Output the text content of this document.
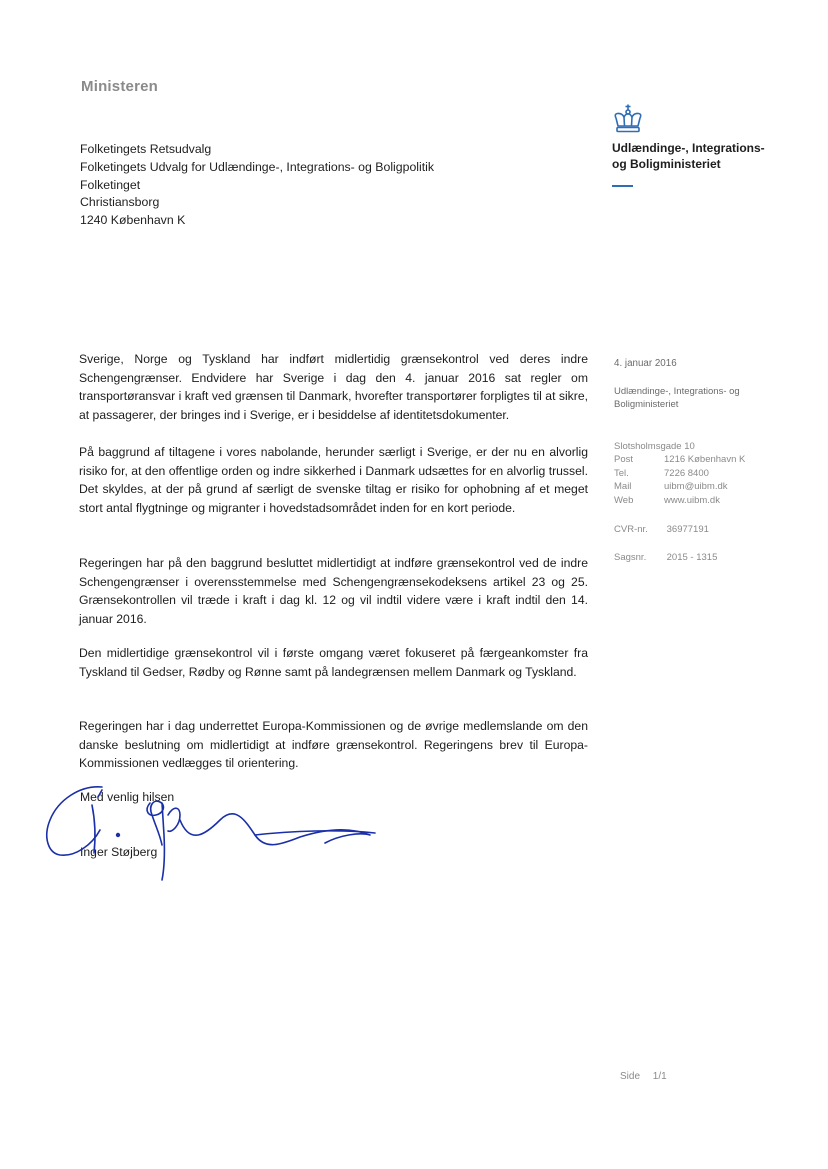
Ministeren
Folketingets Retsudvalg
Folketingets Udvalg for Udlændinge-, Integrations- og Boligpolitik
Folketinget
Christiansborg
1240 København K
Udlændinge-, Integrations-
og Boligministeriet
4. januar 2016
Udlændinge-, Integrations- og
Boligministeriet
Slotsholmsgade 10
Post	1216 København K
Tel.	7226 8400
Mail	uibm@uibm.dk
Web	www.uibm.dk
CVR-nr. 36977191
Sagsnr. 2015 - 1315

Sverige, Norge og Tyskland har indført midlertidig grænsekontrol ved deres indre Schengengrænser. Endvidere har Sverige i dag den 4. januar 2016 sat regler om transportøransvar i kraft ved grænsen til Danmark, hvorefter transportører forpligtes til at sikre, at passagerer, der bringes ind i Sverige, er i besiddelse af identitetsdokumenter.

På baggrund af tiltagene i vores nabolande, herunder særligt i Sverige, er der nu en alvorlig risiko for, at den offentlige orden og indre sikkerhed i Danmark udsættes for en alvorlig trussel. Det skyldes, at der på grund af særligt de svenske tiltag er risiko for ophobning af et meget stort antal flygtninge og migranter i hovedstadsområdet inden for en kort periode.

Regeringen har på den baggrund besluttet midlertidigt at indføre grænsekontrol ved de indre Schengengrænser i overensstemmelse med Schengengrænsekodeksens artikel 23 og 25. Grænsekontrollen vil træde i kraft i dag kl. 12 og vil indtil videre være i kraft indtil den 14. januar 2016.

Den midlertidige grænsekontrol vil i første omgang været fokuseret på færgeankomster fra Tyskland til Gedser, Rødby og Rønne samt på landegrænsen mellem Danmark og Tyskland.

Regeringen har i dag underrettet Europa-Kommissionen og de øvrige medlemslande om den danske beslutning om midlertidigt at indføre grænsekontrol. Regeringens brev til Europa-Kommissionen vedlægges til orientering.

Med venlig hilsen
Inger Støjberg
Side 1/1
